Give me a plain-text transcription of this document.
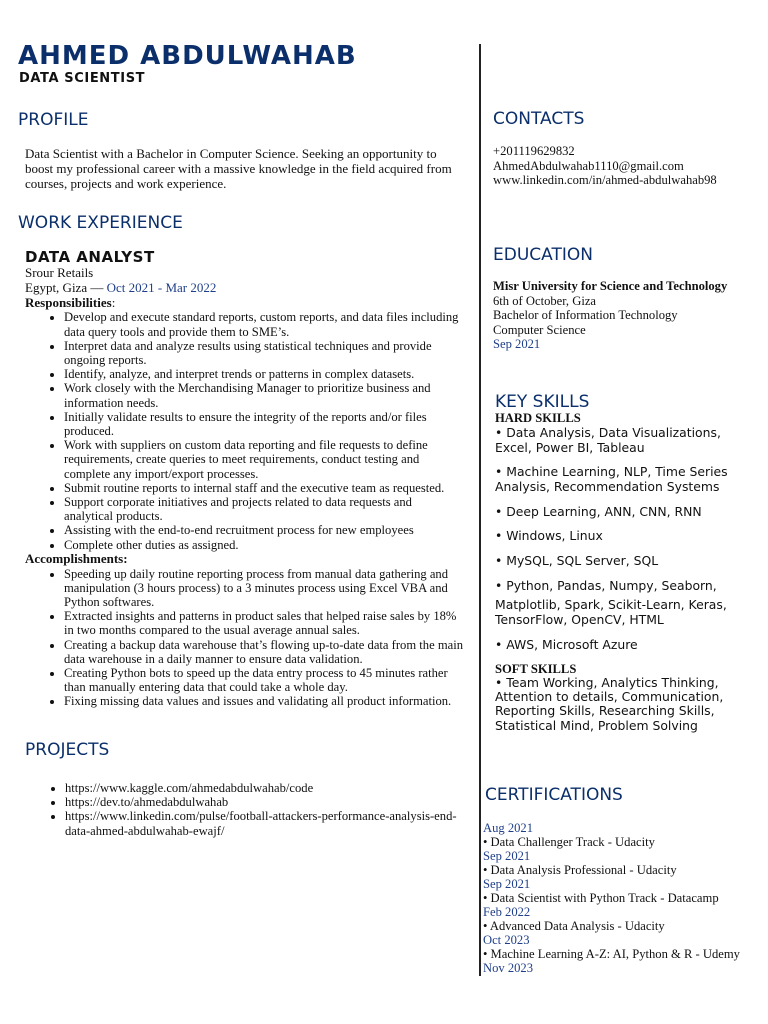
AHMED ABDULWAHAB
DATA SCIENTIST
PROFILE
Data Scientist with a Bachelor in Computer Science. Seeking an opportunity to boost my professional career with a massive knowledge in the field acquired from courses, projects and work experience.
WORK EXPERIENCE
DATA ANALYST
Srour Retails
Egypt, Giza — Oct 2021 - Mar 2022
Responsibilities:
• Develop and execute standard reports, custom reports, and data files including data query tools and provide them to SME’s.
• Interpret data and analyze results using statistical techniques and provide ongoing reports.
• Identify, analyze, and interpret trends or patterns in complex datasets.
• Work closely with the Merchandising Manager to prioritize business and information needs.
• Initially validate results to ensure the integrity of the reports and/or files produced.
• Work with suppliers on custom data reporting and file requests to define requirements, create queries to meet requirements, conduct testing and complete any import/export processes.
• Submit routine reports to internal staff and the executive team as requested.
• Support corporate initiatives and projects related to data requests and analytical products.
• Assisting with the end-to-end recruitment process for new employees
• Complete other duties as assigned.
Accomplishments:
• Speeding up daily routine reporting process from manual data gathering and manipulation (3 hours process) to a 3 minutes process using Excel VBA and Python softwares.
• Extracted insights and patterns in product sales that helped raise sales by 18% in two months compared to the usual average annual sales.
• Creating a backup data warehouse that’s flowing up-to-date data from the main data warehouse in a daily manner to ensure data validation.
• Creating Python bots to speed up the data entry process to 45 minutes rather than manually entering data that could take a whole day.
• Fixing missing data values and issues and validating all product information.
PROJECTS
• https://www.kaggle.com/ahmedabdulwahab/code
• https://dev.to/ahmedabdulwahab
• https://www.linkedin.com/pulse/football-attackers-performance-analysis-end-data-ahmed-abdulwahab-ewajf/
CONTACTS
+201119629832
AhmedAbdulwahab1110@gmail.com
www.linkedin.com/in/ahmed-abdulwahab98
EDUCATION
Misr University for Science and Technology
6th of October, Giza
Bachelor of Information Technology
Computer Science
Sep 2021
KEY SKILLS
HARD SKILLS
• Data Analysis, Data Visualizations, Excel, Power BI, Tableau
• Machine Learning, NLP, Time Series Analysis, Recommendation Systems
• Deep Learning, ANN, CNN, RNN
• Windows, Linux
• MySQL, SQL Server, SQL
• Python, Pandas, Numpy, Seaborn,
Matplotlib, Spark, Scikit-Learn, Keras, TensorFlow, OpenCV, HTML
• AWS, Microsoft Azure
SOFT SKILLS
• Team Working, Analytics Thinking, Attention to details, Communication, Reporting Skills, Researching Skills, Statistical Mind, Problem Solving
CERTIFICATIONS
Aug 2021
• Data Challenger Track - Udacity
Sep 2021
• Data Analysis Professional - Udacity
Sep 2021
• Data Scientist with Python Track - Datacamp
Feb 2022
• Advanced Data Analysis - Udacity
Oct 2023
• Machine Learning A-Z: AI, Python & R - Udemy
Nov 2023
